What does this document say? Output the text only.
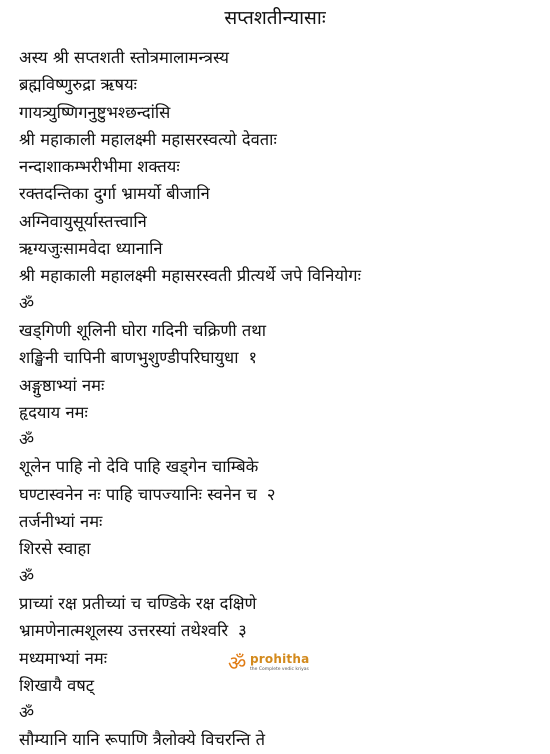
सप्तशतीन्यासाः
अस्य श्री सप्तशती स्तोत्रमालामन्त्रस्य
ब्रह्मविष्णुरुद्रा ऋषयः
गायत्र्युष्णिगनुष्टुभश्छन्दांसि
श्री महाकाली महालक्ष्मी महासरस्वत्यो देवताः
नन्दाशाकम्भरीभीमा शक्तयः
रक्तदन्तिका दुर्गा भ्रामर्यो बीजानि
अग्निवायुसूर्यास्तत्त्वानि
ऋग्यजुःसामवेदा ध्यानानि
श्री महाकाली महालक्ष्मी महासरस्वती प्रीत्यर्थे जपे विनियोगः
ॐ
खड्गिणी शूलिनी घोरा गदिनी चक्रिणी तथा
शङ्खिनी चापिनी बाणभुशुण्डीपरिघायुधा १
अङ्गुष्ठाभ्यां नमः
हृदयाय नमः
ॐ
शूलेन पाहि नो देवि पाहि खड्गेन चाम्बिके
घण्टास्वनेन नः पाहि चापज्यानिः स्वनेन च २
तर्जनीभ्यां नमः
शिरसे स्वाहा
ॐ
प्राच्यां रक्ष प्रतीच्यां च चण्डिके रक्ष दक्षिणे
भ्रामणेनात्मशूलस्य उत्तरस्यां तथेश्वरि ३
मध्यमाभ्यां नमः
शिखायै वषट्
ॐ
सौम्यानि यानि रूपाणि त्रैलोक्ये विचरन्ति ते
ॐ prohitha
the Complete vedic kriyas
